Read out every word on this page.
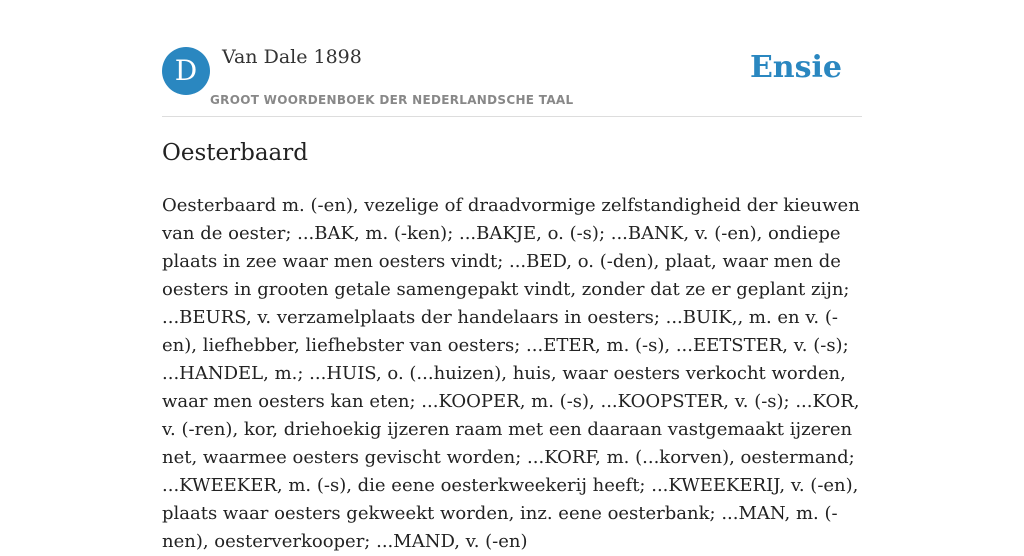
D	Van Dale 1898
GROOT WOORDENBOEK DER NEDERLANDSCHE TAAL
Ensie
Oesterbaard

Oesterbaard m. (-en), vezelige of draadvormige zelfstandigheid der kieuwen van de oester; ...BAK, m. (-ken); ...BAKJE, o. (-s); ...BANK, v. (-en), ondiepe plaats in zee waar men oesters vindt; ...BED, o. (-den), plaat, waar men de oesters in grooten getale samengepakt vindt, zonder dat ze er geplant zijn; ...BEURS, v. verzamelplaats der handelaars in oesters; ...BUIK,, m. en v. (-en), liefhebber, liefhebster van oesters; ...ETER, m. (-s), ...EETSTER, v. (-s); ...HANDEL, m.; ...HUIS, o. (...huizen), huis, waar oesters verkocht worden, waar men oesters kan eten; ...KOOPER, m. (-s), ...KOOPSTER, v. (-s); ...KOR, v. (-ren), kor, driehoekig ijzeren raam met een daaraan vastgemaakt ijzeren net, waarmee oesters gevischt worden; ...KORF, m. (...korven), oestermand; ...KWEEKER, m. (-s), die eene oesterkweekerij heeft; ...KWEEKERIJ, v. (-en), plaats waar oesters gekweekt worden, inz. eene oesterbank; ...MAN, m. (-nen), oesterverkooper; ...MAND, v. (-en)
